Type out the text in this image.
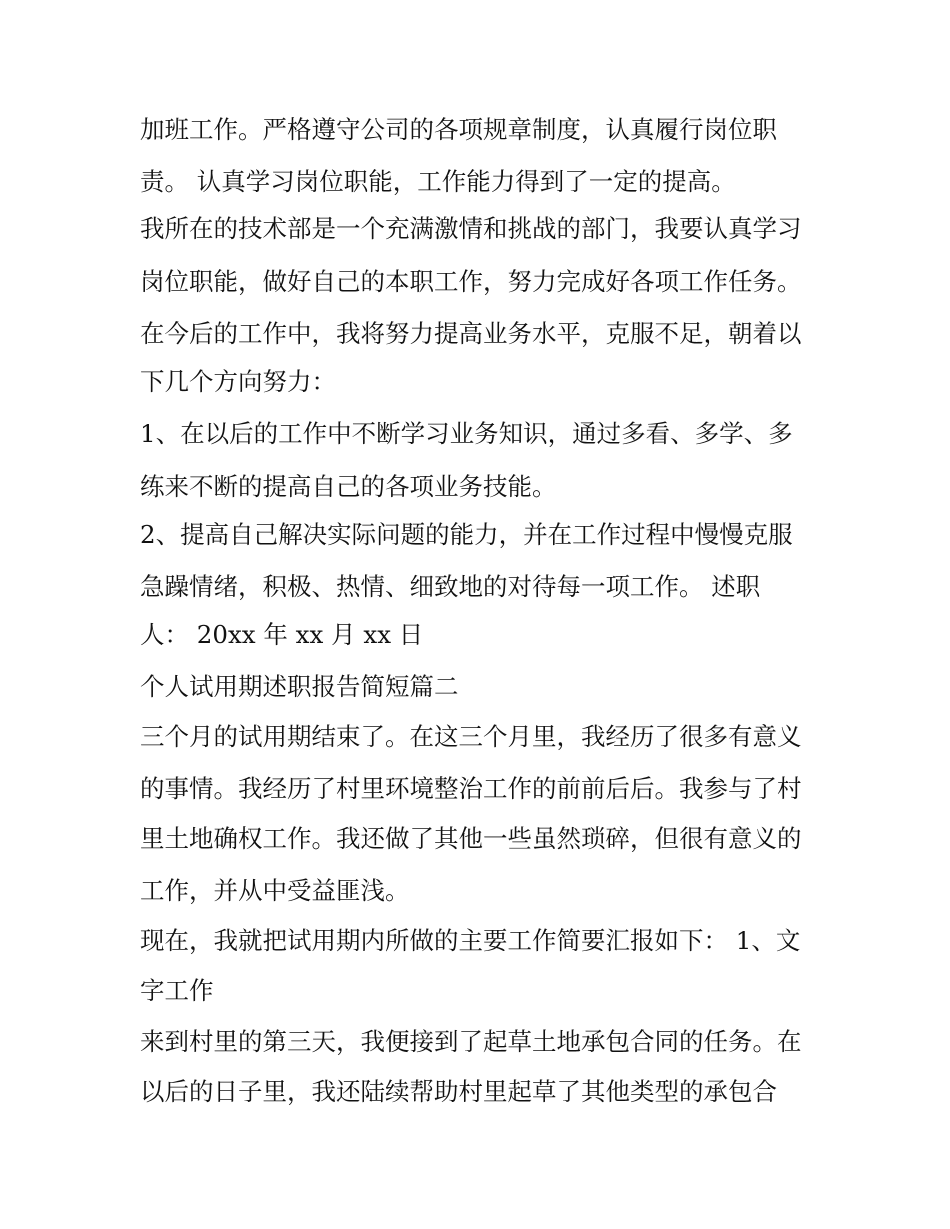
加班工作。严格遵守公司的各项规章制度，认真履行岗位职

责。 认真学习岗位职能，工作能力得到了一定的提高。

我所在的技术部是一个充满激情和挑战的部门，我要认真学习

岗位职能，做好自己的本职工作，努力完成好各项工作任务。

在今后的工作中，我将努力提高业务水平，克服不足，朝着以

下几个方向努力：

1、在以后的工作中不断学习业务知识，通过多看、多学、多

练来不断的提高自己的各项业务技能。

2、提高自己解决实际问题的能力，并在工作过程中慢慢克服

急躁情绪，积极、热情、细致地的对待每一项工作。 述职

人： 20xx 年 xx 月 xx 日

个人试用期述职报告简短篇二

三个月的试用期结束了。在这三个月里，我经历了很多有意义

的事情。我经历了村里环境整治工作的前前后后。我参与了村

里土地确权工作。我还做了其他一些虽然琐碎，但很有意义的

工作，并从中受益匪浅。

现在，我就把试用期内所做的主要工作简要汇报如下： 1、文

字工作

来到村里的第三天，我便接到了起草土地承包合同的任务。在

以后的日子里，我还陆续帮助村里起草了其他类型的承包合
